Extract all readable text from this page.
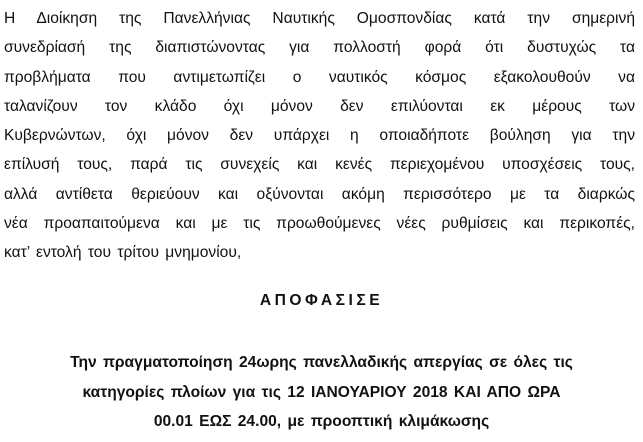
Η Διοίκηση της Πανελλήνιας Ναυτικής Ομοσπονδίας κατά την σημερινή
συνεδρίασή της διαπιστώνοντας για πολλοστή φορά ότι δυστυχώς τα
προβλήματα που αντιμετωπίζει ο ναυτικός κόσμος εξακολουθούν να
ταλανίζουν τον κλάδο όχι μόνον δεν επιλύονται εκ μέρους των
Κυβερνώντων, όχι μόνον δεν υπάρχει η οποιαδήποτε βούληση για την
επίλυσή τους, παρά τις συνεχείς και κενές περιεχομένου υποσχέσεις τους,
αλλά αντίθετα θεριεύουν και οξύνονται ακόμη περισσότερο με τα διαρκώς
νέα προαπαιτούμενα και με τις προωθούμενες νέες ρυθμίσεις και περικοπές,
κατ’ εντολή του τρίτου μνημονίου,
ΑΠΟΦΑΣΙΣΕ
Την πραγματοποίηση 24ωρης πανελλαδικής απεργίας σε όλες τις
κατηγορίες πλοίων για τις 12 ΙΑΝΟΥΑΡΙΟΥ 2018 ΚΑΙ ΑΠΟ ΩΡΑ
00.01 ΕΩΣ 24.00, με προοπτική κλιμάκωσης
